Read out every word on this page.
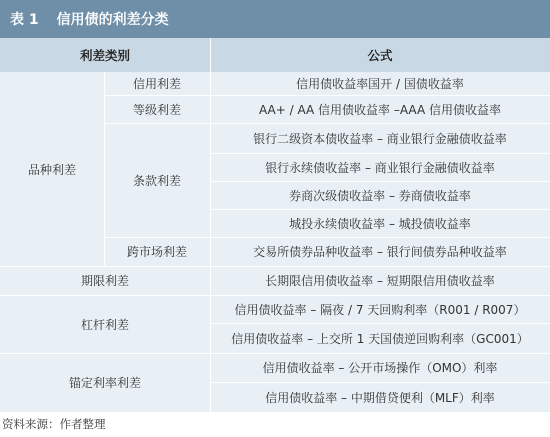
表 1 信用债的利差分类
利差类别	公式
品种利差
期限利差
杠杆利差
锚定利率利差
信用利差
等级利差
条款利差
跨市场利差
信用债收益率国开 / 国债收益率
AA+ / AA 信用债收益率 –AAA 信用债收益率
银行二级资本债收益率 – 商业银行金融债收益率
银行永续债收益率 – 商业银行金融债收益率
券商次级债收益率 – 券商债收益率
城投永续债收益率 – 城投债收益率
交易所债券品种收益率 – 银行间债券品种收益率
长期限信用债收益率 – 短期限信用债收益率
信用债收益率 – 隔夜 / 7 天回购利率（R001 / R007）
信用债收益率 – 上交所 1 天国债逆回购利率（GC001）
信用债收益率 – 公开市场操作（OMO）利率
信用债收益率 – 中期借贷便利（MLF）利率
资料来源：作者整理
